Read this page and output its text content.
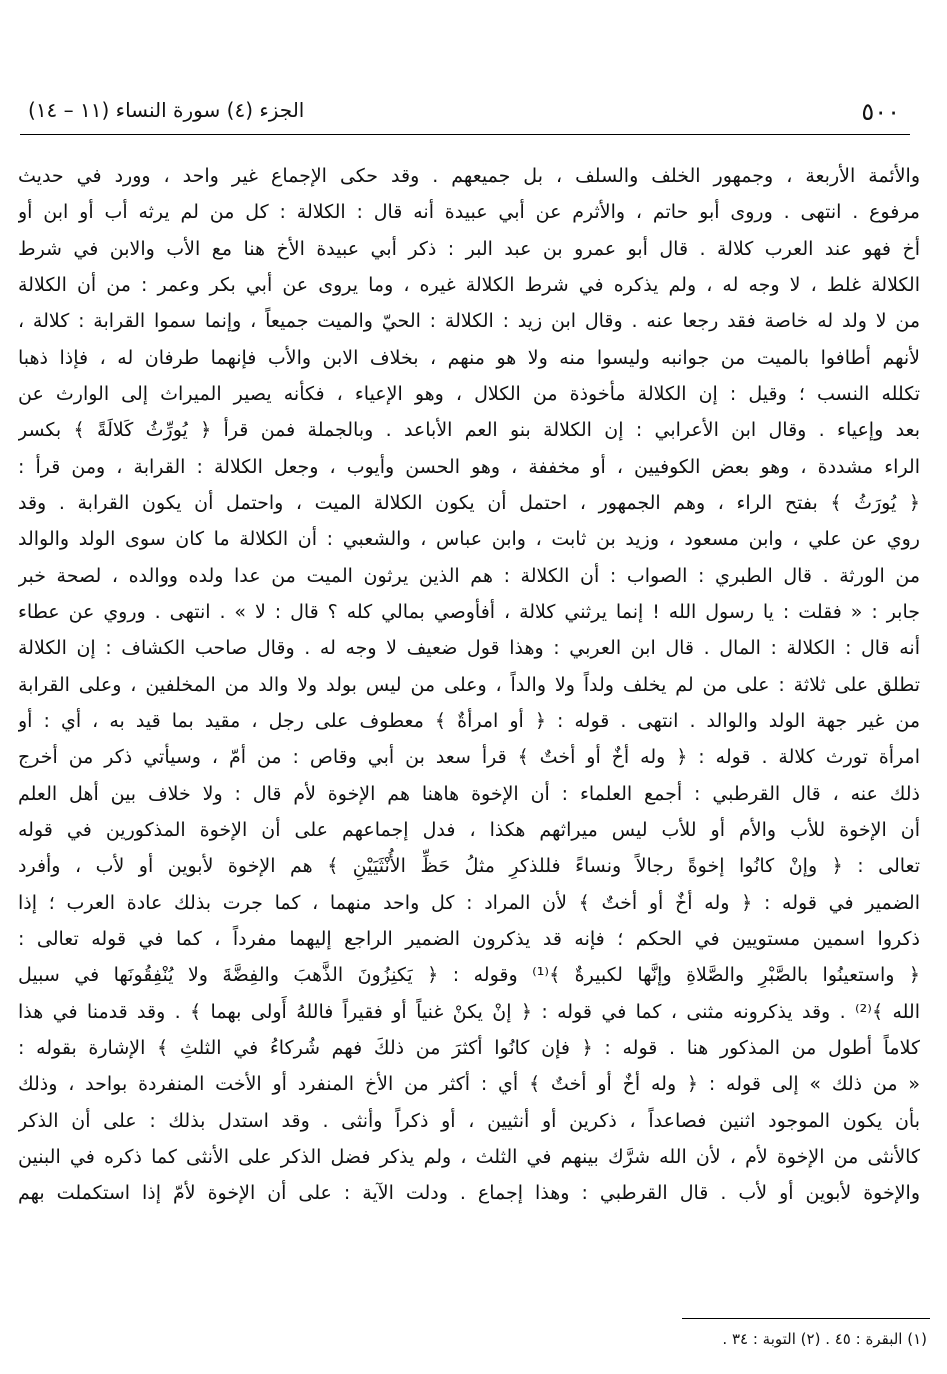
٥٠٠
الجزء (٤) سورة النساء (١١ – ١٤)
والأئمة الأربعة ، وجمهور الخلف والسلف ، بل جميعهم . وقد حكى الإجماع غير واحد ، وورد في حديث
مرفوع . انتهى . وروى أبو حاتم ، والأثرم عن أبي عبيدة أنه قال : الكلالة : كل من لم يرثه أب أو ابن أو
أخ فهو عند العرب كلالة . قال أبو عمرو بن عبد البر : ذكر أبي عبيدة الأخ هنا مع الأب والابن في شرط
الكلالة غلط ، لا وجه له ، ولم يذكره في شرط الكلالة غيره ، وما يروى عن أبي بكر وعمر : من أن الكلالة
من لا ولد له خاصة فقد رجعا عنه . وقال ابن زيد : الكلالة : الحيّ والميت جميعاً ، وإنما سموا القرابة : كلالة ،
لأنهم أطافوا بالميت من جوانبه وليسوا منه ولا هو منهم ، بخلاف الابن والأب فإنهما طرفان له ، فإذا ذهبا
تكلله النسب ؛ وقيل : إن الكلالة مأخوذة من الكلال ، وهو الإعياء ، فكأنه يصير الميراث إلى الوارث عن
بعد وإعياء . وقال ابن الأعرابي : إن الكلالة بنو العم الأباعد . وبالجملة فمن قرأ ﴿ يُورِّثُ كَلالَةً ﴾ بكسر
الراء مشددة ، وهو بعض الكوفيين ، أو مخففة ، وهو الحسن وأيوب ، وجعل الكلالة : القرابة ، ومن قرأ :
﴿ يُورَثُ ﴾ بفتح الراء ، وهم الجمهور ، احتمل أن يكون الكلالة الميت ، واحتمل أن يكون القرابة . وقد
روي عن علي ، وابن مسعود ، وزيد بن ثابت ، وابن عباس ، والشعبي : أن الكلالة ما كان سوى الولد والوالد
من الورثة . قال الطبري : الصواب : أن الكلالة : هم الذين يرثون الميت من عدا ولده ووالده ، لصحة خبر
جابر : « فقلت : يا رسول الله ! إنما يرثني كلالة ، أفأوصي بمالي كله ؟ قال : لا » . انتهى . وروي عن عطاء
أنه قال : الكلالة : المال . قال ابن العربي : وهذا قول ضعيف لا وجه له . وقال صاحب الكشاف : إن الكلالة
تطلق على ثلاثة : على من لم يخلف ولداً ولا والداً ، وعلى من ليس بولد ولا والد من المخلفين ، وعلى القرابة
من غير جهة الولد والوالد . انتهى . قوله : ﴿ أو امرأةٌ ﴾ معطوف على رجل ، مقيد بما قيد به ، أي : أو
امرأة تورث كلالة . قوله : ﴿ وله أخٌ أو أختٌ ﴾ قرأ سعد بن أبي وقاص : من أمّ ، وسيأتي ذكر من أخرج
ذلك عنه ، قال القرطبي : أجمع العلماء : أن الإخوة هاهنا هم الإخوة لأم قال : ولا خلاف بين أهل العلم
أن الإخوة للأب والأم أو للأب ليس ميراثهم هكذا ، فدل إجماعهم على أن الإخوة المذكورين في قوله
تعالى : ﴿ وإنْ كانُوا إخوةً رجالاً ونساءً فللذكرِ مثلُ حَظِّ الأُنْثَيَيْنِ ﴾ هم الإخوة لأبوين أو لأب ، وأفرد
الضمير في قوله : ﴿ وله أخٌ أو أختٌ ﴾ لأن المراد : كل واحد منهما ، كما جرت بذلك عادة العرب ؛ إذا
ذكروا اسمين مستويين في الحكم ؛ فإنه قد يذكرون الضمير الراجع إليهما مفرداً ، كما في قوله تعالى :
﴿ واستعينُوا بالصَّبْرِ والصَّلاةِ وإنَّها لكبيرةٌ ﴾⁽¹⁾ وقوله : ﴿ يَكنِزُونَ الذَّهبَ والفِضَّةَ ولا يُنْفِقُونَها في سبيل
الله ﴾⁽²⁾ . وقد يذكرونه مثنى ، كما في قوله : ﴿ إنْ يكنْ غنياً أو فقيراً فاللهُ أَولى بهما ﴾ . وقد قدمنا في هذا
كلاماً أطول من المذكور هنا . قوله : ﴿ فإن كانُوا أكثرَ من ذلكَ فهم شُركاءُ في الثلثِ ﴾ الإشارة بقوله :
« من ذلك » إلى قوله : ﴿ وله أخٌ أو أختٌ ﴾ أي : أكثر من الأخ المنفرد أو الأخت المنفردة بواحد ، وذلك
بأن يكون الموجود اثنين فصاعداً ، ذكرين أو أنثيين ، أو ذكراً وأنثى . وقد استدل بذلك : على أن الذكر
كالأنثى من الإخوة لأم ، لأن الله شرَّك بينهم في الثلث ، ولم يذكر فضل الذكر على الأنثى كما ذكره في البنين
والإخوة لأبوين أو لأب . قال القرطبي : وهذا إجماع . ودلت الآية : على أن الإخوة لأمّ إذا استكملت بهم
(١) البقرة : ٤٥ . (٢) التوبة : ٣٤ .
